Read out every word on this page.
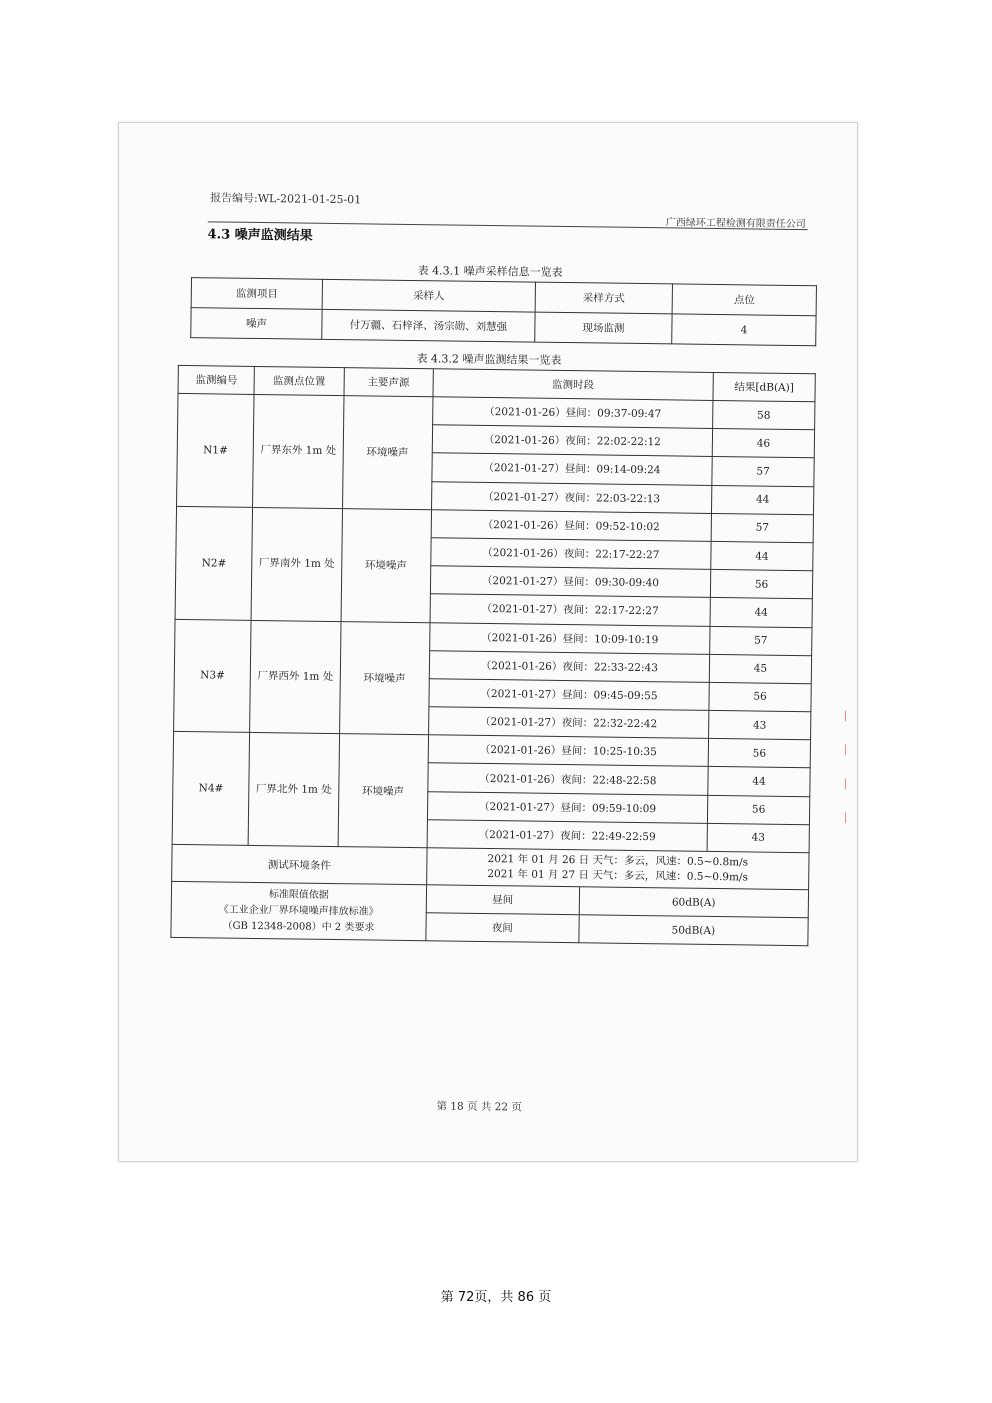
报告编号:WL-2021-01-25-01
广西绿环工程检测有限责任公司
4.3 噪声监测结果
表 4.3.1 噪声采样信息一览表
监测项目	采样人	采样方式	点位
噪声	付万疆、石梓泽、汤宗勋、刘慧强	现场监测	4
表 4.3.2 噪声监测结果一览表
监测编号	监测点位置	主要声源	监测时段		结果[dB(A)]
N1#	厂界东外 1m 处	环境噪声	（2021-01-26）昼间：09:37-09:47		58
			（2021-01-26）夜间：22:02-22:12		46
			（2021-01-27）昼间：09:14-09:24		57
			（2021-01-27）夜间：22:03-22:13		44
N2#	厂界南外 1m 处	环境噪声	（2021-01-26）昼间：09:52-10:02		57
			（2021-01-26）夜间：22:17-22:27		44
			（2021-01-27）昼间：09:30-09:40		56
			（2021-01-27）夜间：22:17-22:27		44
N3#	厂界西外 1m 处	环境噪声	（2021-01-26）昼间：10:09-10:19		57
			（2021-01-26）夜间：22:33-22:43		45
			（2021-01-27）昼间：09:45-09:55		56
			（2021-01-27）夜间：22:32-22:42		43
N4#	厂界北外 1m 处	环境噪声	（2021-01-26）昼间：10:25-10:35		56
			（2021-01-26）夜间：22:48-22:58		44
			（2021-01-27）昼间：09:59-10:09		56
			（2021-01-27）夜间：22:49-22:59		43
测试环境条件			2021 年 01 月 26 日 天气：多云，风速：0.5~0.8m/s
2021 年 01 月 27 日 天气：多云，风速：0.5~0.9m/s		

标准限值依据
《工业企业厂界环境噪声排放标准》
（GB 12348-2008）中 2 类要求			昼间	60dB(A)	
			夜间	50dB(A)	
第 18 页 共 22 页
▏
▏
▏
▏
第 72页，共 86 页
